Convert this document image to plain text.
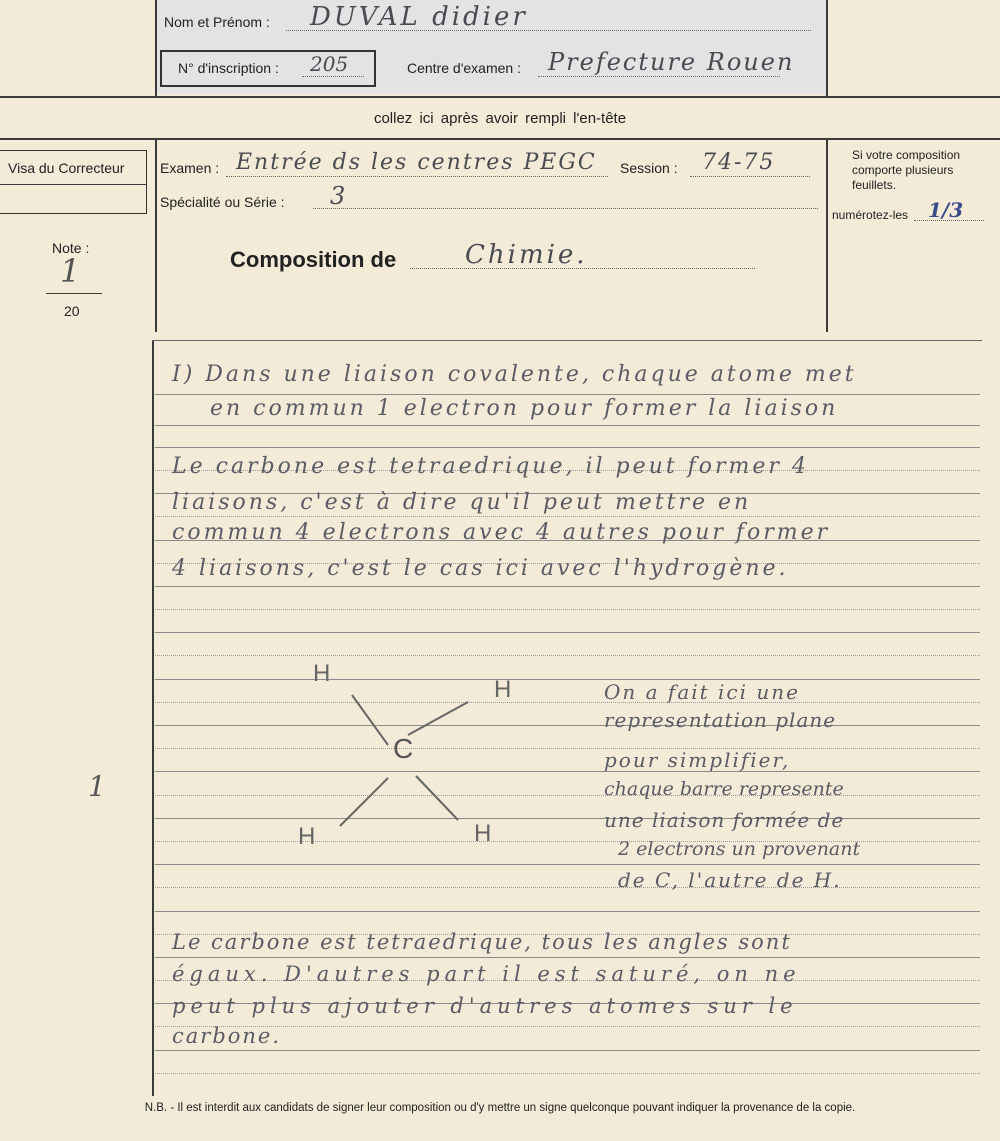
Nom et Prénom : DUVAL didier
N° d'inscription : 205	Centre d'examen : Prefecture Rouen
collez ici après avoir rempli l'en-tête
Visa du Correcteur
Note :
1
20
Examen : Entrée ds les centres PEGC Session : 74-75
Spécialité ou Série : 3
Composition de	Chimie.
Si votre composition
comporte plusieurs
feuillets.
numérotez-les 1/3
I) Dans une liaison covalente, chaque atome met
en commun 1 electron pour former la liaison
Le carbone est tetraedrique, il peut former 4
liaisons, c'est à dire qu'il peut mettre en
commun 4 electrons avec 4 autres pour former
4 liaisons, c'est le cas ici avec l'hydrogène.
1
C
H
H
H	H
On a fait ici une
representation plane
pour simplifier,
chaque barre represente
une liaison formée de
2 electrons un provenant
de C, l'autre de H.
Le carbone est tetraedrique, tous les angles sont
égaux. D'autres part il est saturé, on ne
peut plus ajouter d'autres atomes sur le
carbone.
N.B. - Il est interdit aux candidats de signer leur composition ou d'y mettre un signe quelconque pouvant indiquer la provenance de la copie.
